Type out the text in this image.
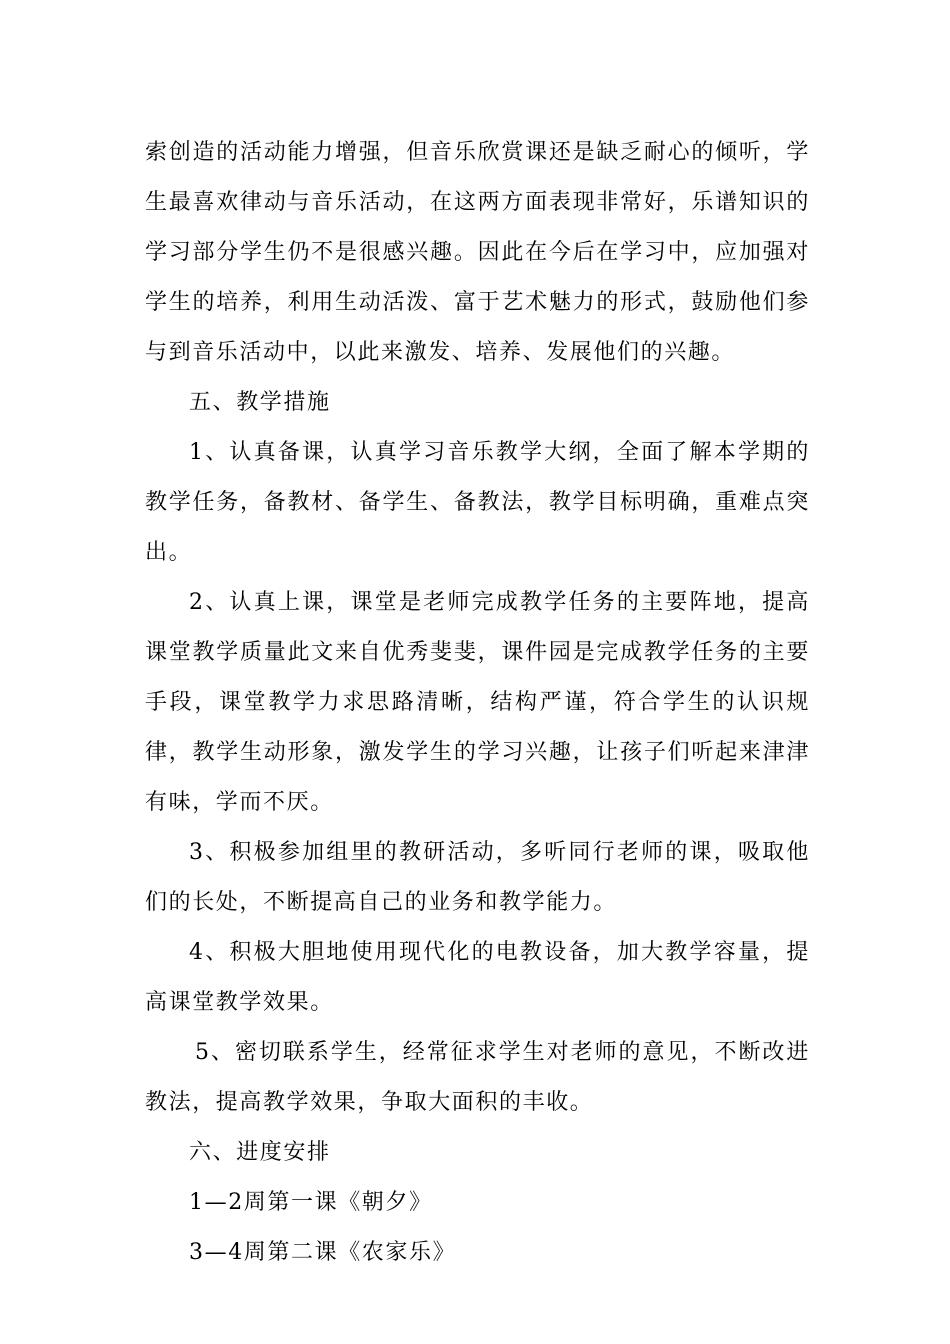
索创造的活动能力增强，但音乐欣赏课还是缺乏耐心的倾听，学生最喜欢律动与音乐活动，在这两方面表现非常好，乐谱知识的学习部分学生仍不是很感兴趣。因此在今后在学习中，应加强对学生的培养，利用生动活泼、富于艺术魅力的形式，鼓励他们参与到音乐活动中，以此来激发、培养、发展他们的兴趣。

五、教学措施

1、认真备课，认真学习音乐教学大纲，全面了解本学期的教学任务，备教材、备学生、备教法，教学目标明确，重难点突出。

2、认真上课，课堂是老师完成教学任务的主要阵地，提高课堂教学质量此文来自优秀斐斐，课件园是完成教学任务的主要手段，课堂教学力求思路清晰，结构严谨，符合学生的认识规律，教学生动形象，激发学生的学习兴趣，让孩子们听起来津津有味，学而不厌。

3、积极参加组里的教研活动，多听同行老师的课，吸取他们的长处，不断提高自己的业务和教学能力。

4、积极大胆地使用现代化的电教设备，加大教学容量，提高课堂教学效果。

5、密切联系学生，经常征求学生对老师的意见，不断改进教法，提高教学效果，争取大面积的丰收。

六、进度安排

1—2周第一课《朝夕》

3—4周第二课《农家乐》
